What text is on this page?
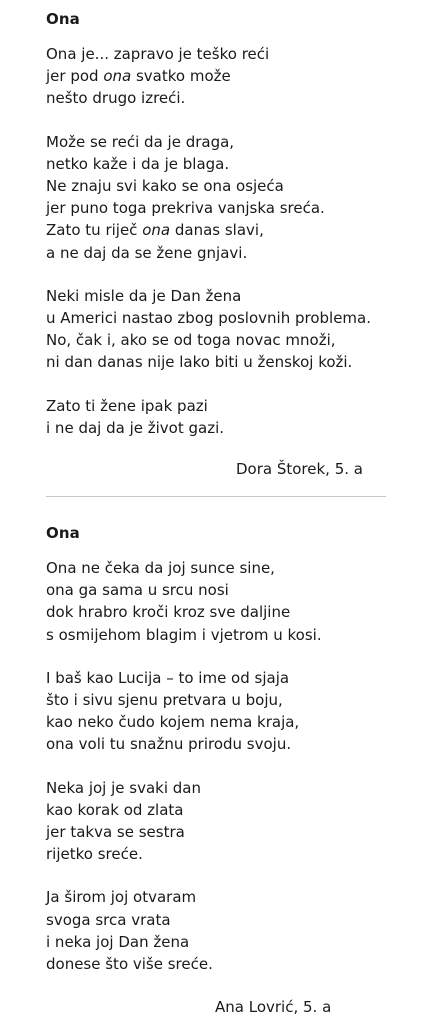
Ona

Ona je... zapravo je teško reći
jer pod ona svatko može
nešto drugo izreći.

Može se reći da je draga,
netko kaže i da je blaga.
Ne znaju svi kako se ona osjeća
jer puno toga prekriva vanjska sreća.
Zato tu riječ ona danas slavi,
a ne daj da se žene gnjavi.

Neki misle da je Dan žena
u Americi nastao zbog poslovnih problema.
No, čak i, ako se od toga novac množi,
ni dan danas nije lako biti u ženskoj koži.

Zato ti žene ipak pazi
i ne daj da je život gazi.

Dora Štorek, 5. a
Ona

Ona ne čeka da joj sunce sine,
ona ga sama u srcu nosi
dok hrabro kroči kroz sve daljine
s osmijehom blagim i vjetrom u kosi.

I baš kao Lucija – to ime od sjaja
što i sivu sjenu pretvara u boju,
kao neko čudo kojem nema kraja,
ona voli tu snažnu prirodu svoju.

Neka joj je svaki dan
kao korak od zlata
jer takva se sestra
rijetko sreće.

Ja širom joj otvaram
svoga srca vrata
i neka joj Dan žena
donese što više sreće.

Ana Lovrić, 5. a
